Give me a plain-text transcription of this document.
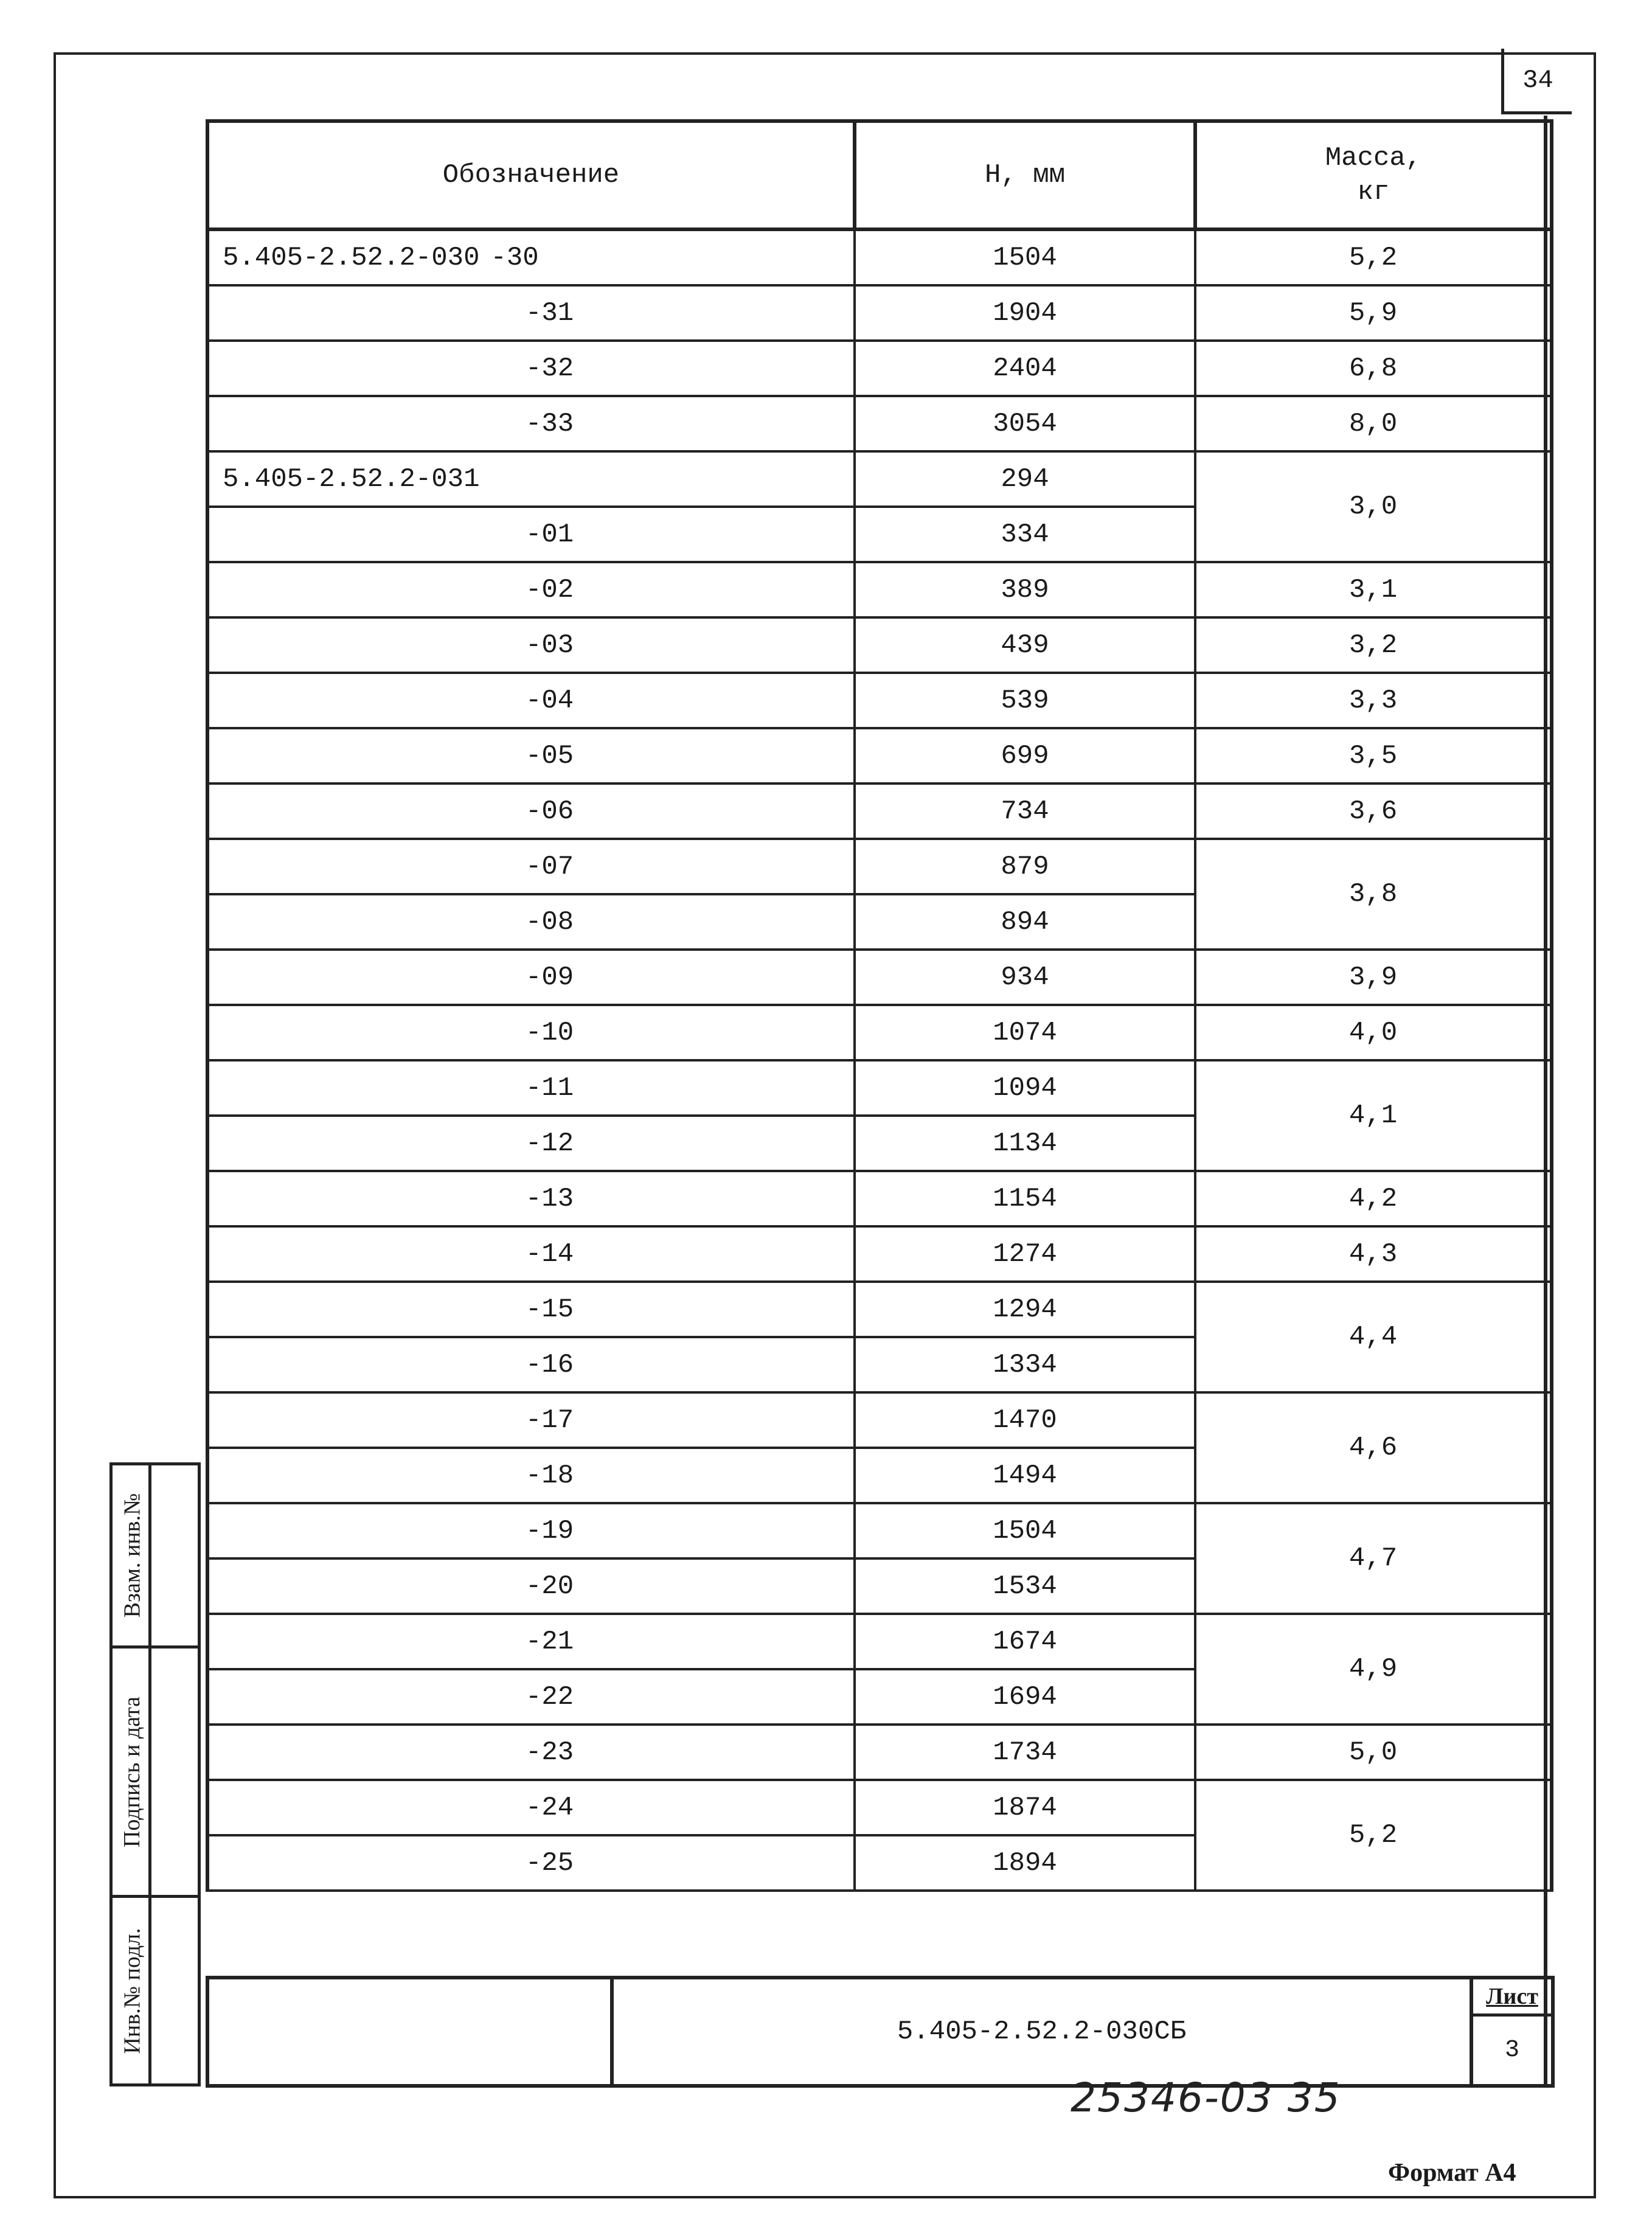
34
Обозначение	H, мм	Масса,
кг
5.405-2.52.2-030 -30	1504	5,2
-31	1904	5,9
-32	2404	6,8
-33	3054	8,0
5.405-2.52.2-031	294	3,0
-01	334	
-02	389	3,1
-03	439	3,2
-04	539	3,3
-05	699	3,5
-06	734	3,6
-07	879	3,8
-08	894	
-09	934	3,9
-10	1074	4,0
-11	1094	4,1
-12	1134	
-13	1154	4,2
-14	1274	4,3
-15	1294	4,4
-16	1334	
-17	1470	4,6
-18	1494	
-19	1504	4,7
-20	1534	
-21	1674	4,9
-22	1694	
-23	1734	5,0
-24	1874	5,2
-25	1894	
Взам. инв.№
Подпись и дата
Инв.№ подл.	5.405-2.52.2-030СБ
Лист
3
25346-03 35
Формат А4
